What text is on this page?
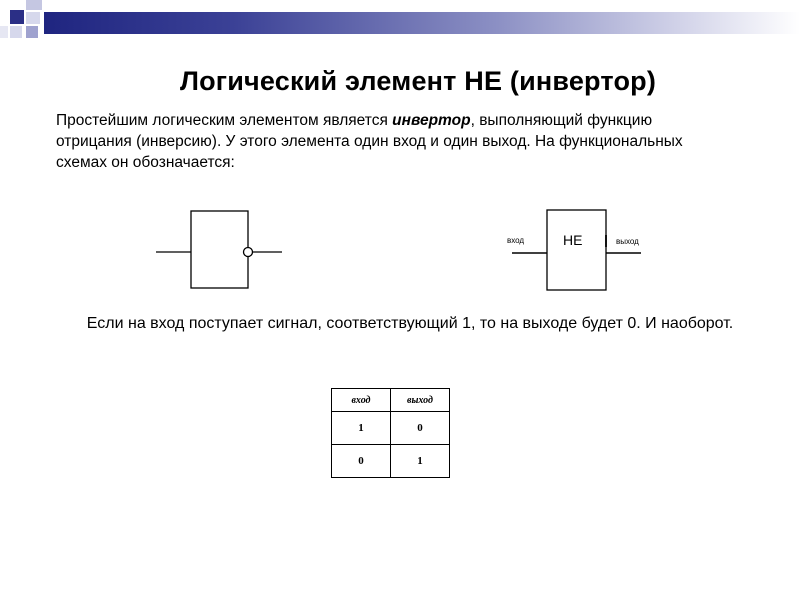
Логический элемент НЕ (инвертор)
Простейшим логическим элементом является инвертор, выполняющий функцию отрицания (инверсию). У этого элемента один вход и один выход. На функциональных схемах он обозначается:
вход	НЕ	выход
Если на вход поступает сигнал, соответствующий 1, то на выходе будет 0. И наоборот.
вход	выход
1	0
0	1
